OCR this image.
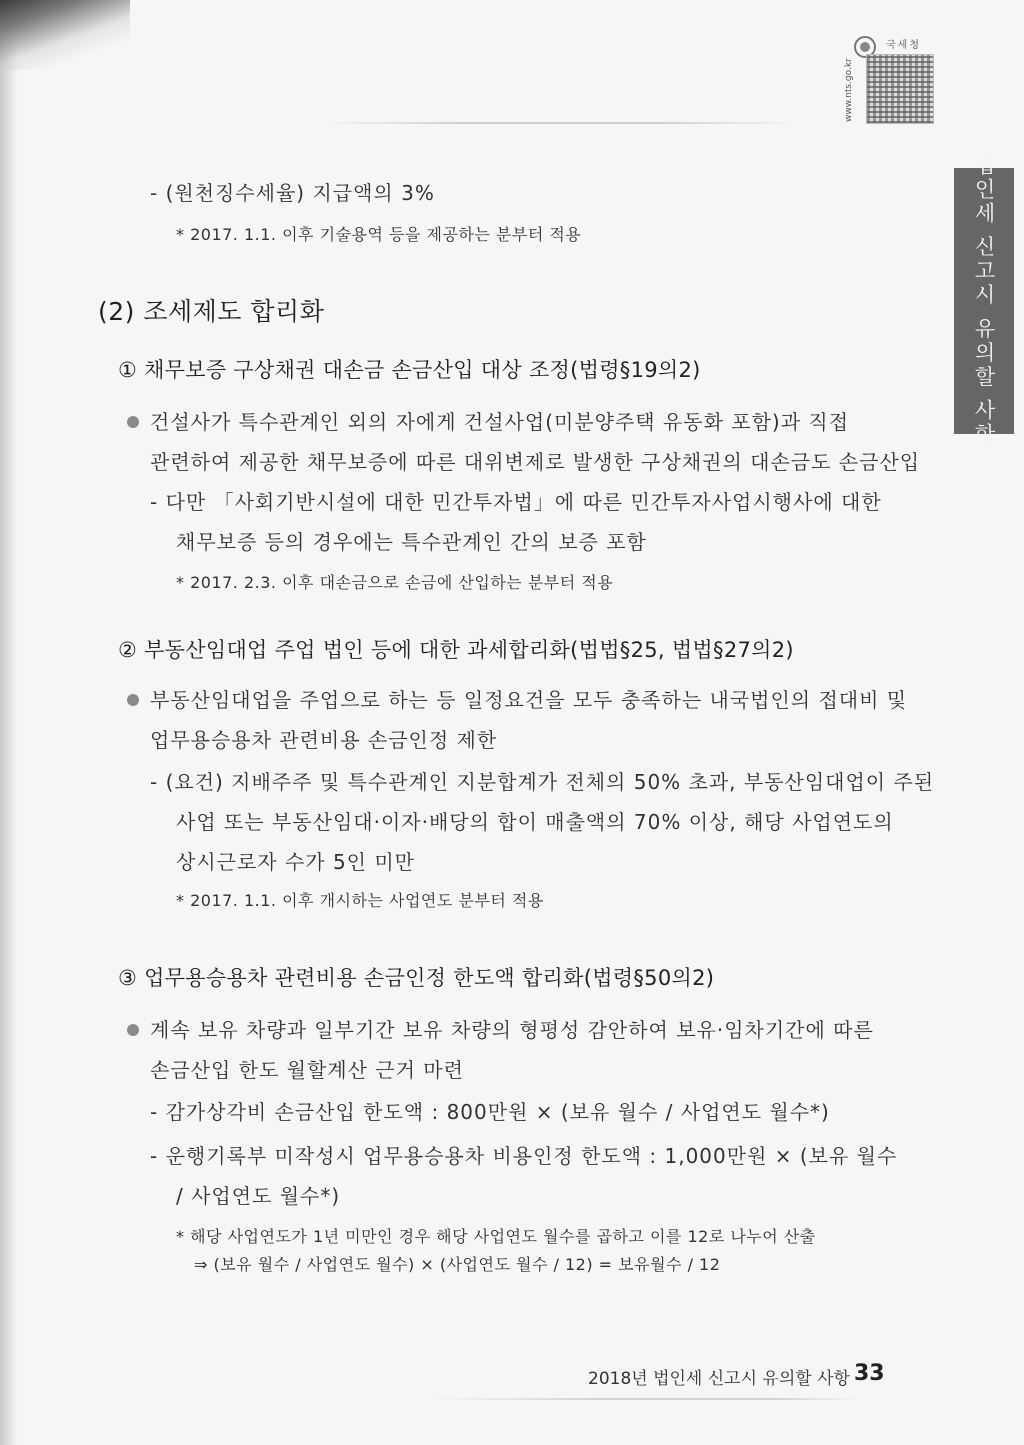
국세청
www.nts.go.kr
법인세 신고시 유의할 사항
- (원천징수세율) 지급액의 3%
* 2017. 1.1. 이후 기술용역 등을 제공하는 분부터 적용
(2) 조세제도 합리화
① 채무보증 구상채권 대손금 손금산입 대상 조정(법령§19의2)
건설사가 특수관계인 외의 자에게 건설사업(미분양주택 유동화 포함)과 직접
관련하여 제공한 채무보증에 따른 대위변제로 발생한 구상채권의 대손금도 손금산입
- 다만 「사회기반시설에 대한 민간투자법」에 따른 민간투자사업시행사에 대한
채무보증 등의 경우에는 특수관계인 간의 보증 포함
* 2017. 2.3. 이후 대손금으로 손금에 산입하는 분부터 적용
② 부동산임대업 주업 법인 등에 대한 과세합리화(법법§25, 법법§27의2)
부동산임대업을 주업으로 하는 등 일정요건을 모두 충족하는 내국법인의 접대비 및
업무용승용차 관련비용 손금인정 제한
- (요건) 지배주주 및 특수관계인 지분합계가 전체의 50% 초과, 부동산임대업이 주된
사업 또는 부동산임대·이자·배당의 합이 매출액의 70% 이상, 해당 사업연도의
상시근로자 수가 5인 미만
* 2017. 1.1. 이후 개시하는 사업연도 분부터 적용
③ 업무용승용차 관련비용 손금인정 한도액 합리화(법령§50의2)
계속 보유 차량과 일부기간 보유 차량의 형평성 감안하여 보유·임차기간에 따른
손금산입 한도 월할계산 근거 마련
- 감가상각비 손금산입 한도액 : 800만원 × (보유 월수 / 사업연도 월수*)
- 운행기록부 미작성시 업무용승용차 비용인정 한도액 : 1,000만원 × (보유 월수
/ 사업연도 월수*)
* 해당 사업연도가 1년 미만인 경우 해당 사업연도 월수를 곱하고 이를 12로 나누어 산출
⇒ (보유 월수 / 사업연도 월수) × (사업연도 월수 / 12) = 보유월수 / 12
2018년 법인세 신고시 유의할 사항 33
